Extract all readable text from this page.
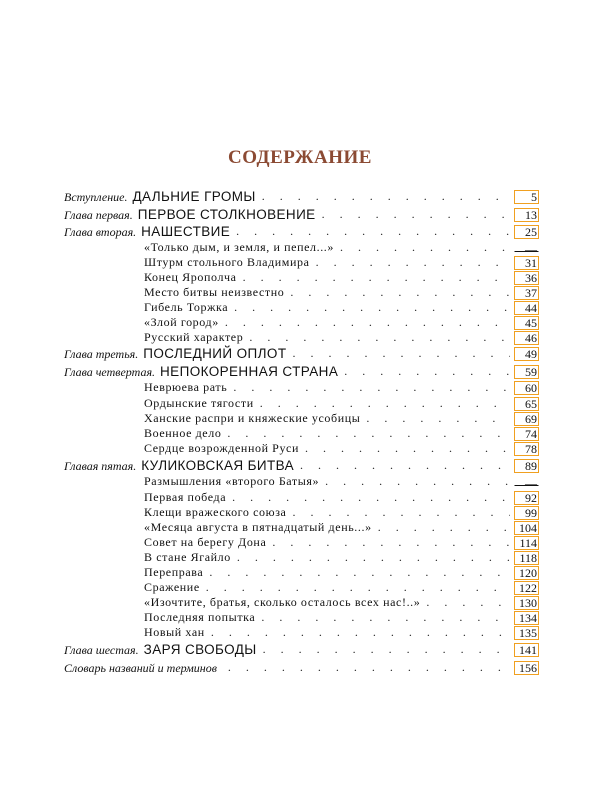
СОДЕРЖАНИЕ
Вступление. ДАЛЬНИЕ ГРОМЫ . . .	5
Глава первая. ПЕРВОЕ СТОЛКНОВЕНИЕ . . .	13
Глава вторая. НАШЕСТВИЕ . . .	25
«Только дым, и земля, и пепел...» . . .	—
Штурм стольного Владимира . . .	31
Конец Ярополча . . .	36
Место битвы неизвестно . . .	37
Гибель Торжка . . .	44
«Злой город» . . .	45
Русский характер . . .	46
Глава третья. ПОСЛЕДНИЙ ОПЛОТ . . .	49
Глава четвертая. НЕПОКОРЕННАЯ СТРАНА . . .	59
Неврюева рать . . .	60
Ордынские тягости . . .	65
Ханские распри и княжеские усобицы . . .	69
Военное дело . . .	74
Сердце возрожденной Руси . . .	78
Главая пятая. КУЛИКОВСКАЯ БИТВА . . .	89
Размышления «второго Батыя» . . .	—
Первая победа . . .	92
Клещи вражеского союза . . .	99
«Месяца августа в пятнадцатый день...» . . .	104
Совет на берегу Дона . . .	114
В стане Ягайло . . .	118
Переправа . . .	120
Сражение . . .	122
«Изочтите, братья, сколько осталось всех нас!..» . . .	130
Последняя попытка . . .	134
Новый хан . . .	135
Глава шестая. ЗАРЯ СВОБОДЫ . . .	141
Словарь названий и терминов . . .	156
